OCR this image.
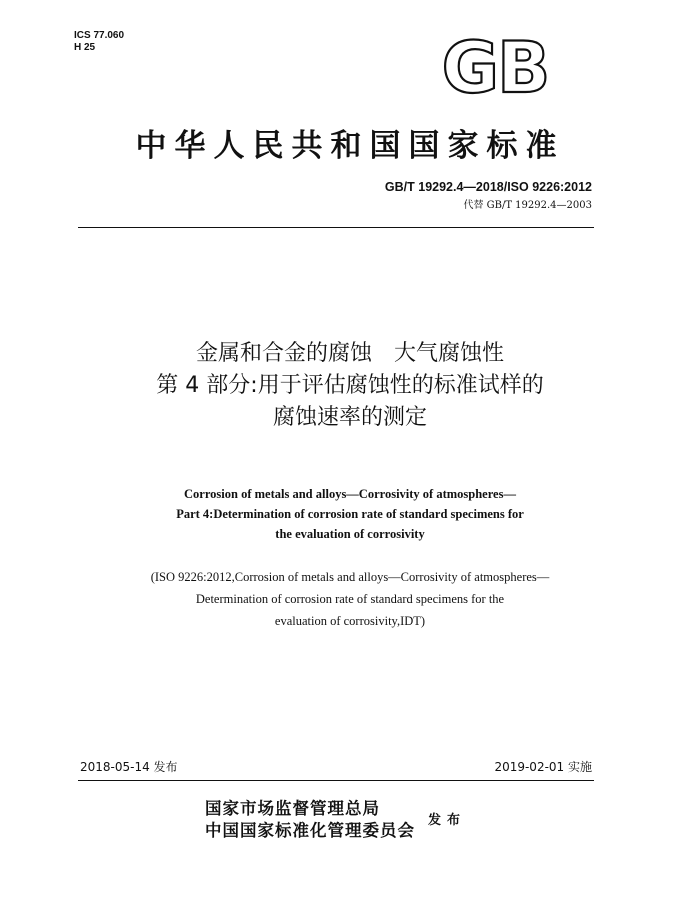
ICS 77.060
H 25	GB
中华人民共和国国家标准
GB/T 19292.4—2018/ISO 9226:2012
代替 GB/T 19292.4—2003
金属和合金的腐蚀　大气腐蚀性
第 4 部分:用于评估腐蚀性的标准试样的
腐蚀速率的测定
Corrosion of metals and alloys—Corrosivity of atmospheres—
Part 4:Determination of corrosion rate of standard specimens for
the evaluation of corrosivity
(ISO 9226:2012,Corrosion of metals and alloys—Corrosivity of atmospheres—
Determination of corrosion rate of standard specimens for the
evaluation of corrosivity,IDT)
2018-05-14 发布	2019-02-01 实施
国家市场监督管理总局
中国国家标准化管理委员会
发布
